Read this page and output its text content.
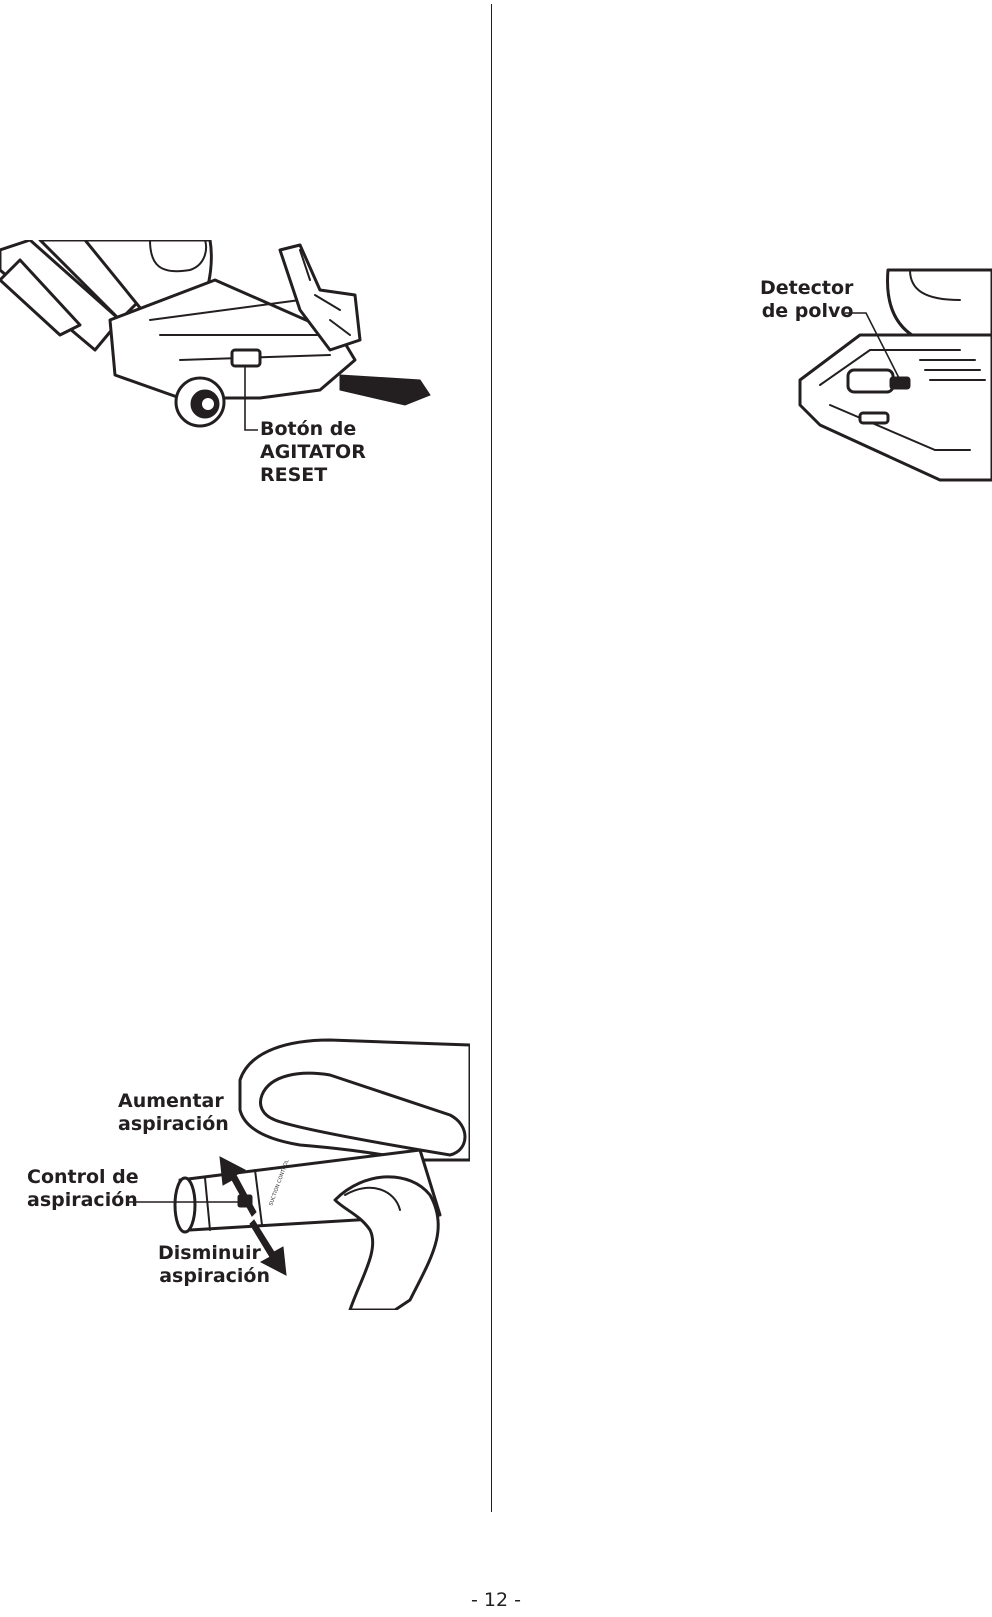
Botón de
AGITATOR
RESET
Detector
de polvo
SUCTION CONTROL
Aumentar
aspiración
Control de
aspiración
Disminuir
aspiración
- 12 -
